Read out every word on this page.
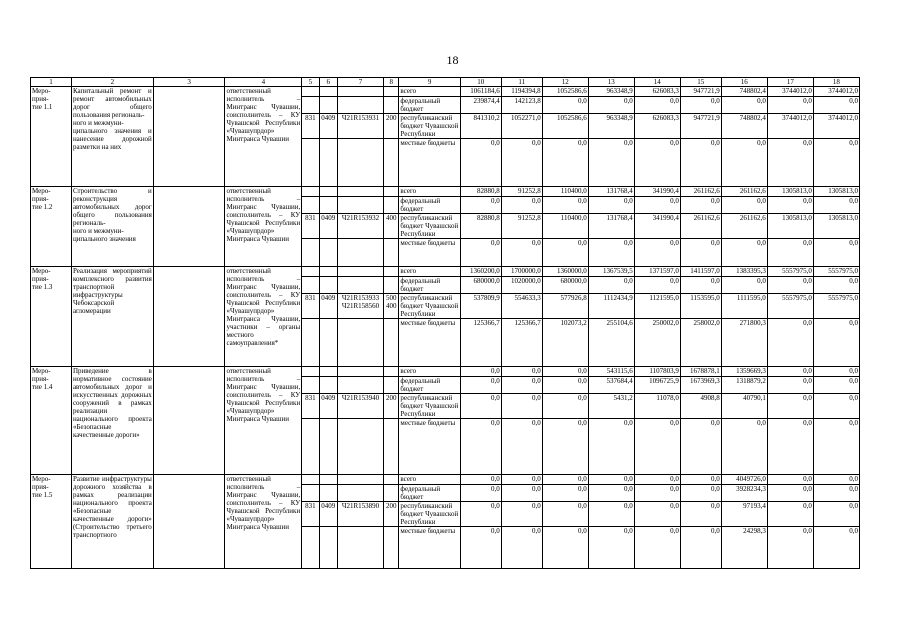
18
1	2	3	4	5	6	7	8	9	10	11	12	13	14	15	16	17	18
Меро-
прия-
тие 1.1	Капитальный ремонт и ремонт автомобильных дорог общего пользования региональ-
ного и межмуни-
ципального значения и нанесение дорожной разметки на них		ответственный исполнитель – Минтранс Чувашии, соисполнитель – КУ Чувашской Республики «Чувашупрдор» Минтранса Чувашии					всего	1061184,6	1194394,8	1052586,6	963348,9	626083,3	947721,9	748802,4	3744012,0	3744012,0
								федеральный бюджет	239874,4	142123,8	0,0	0,0	0,0	0,0	0,0	0,0	0,0
				831	0409	Ч21R153931	200	республиканский бюджет Чувашской Республики	841310,2	1052271,0	1052586,6	963348,9	626083,3	947721,9	748802,4	3744012,0	3744012,0
								местные бюджеты	0,0	0,0	0,0	0,0	0,0	0,0	0,0	0,0	0,0
Меро-
прия-
тие 1.2	Строительство и реконструкция автомобильных дорог общего пользования региональ-
ного и межмуни-
ципального значения		ответственный исполнитель – Минтранс Чувашии, соисполнитель – КУ Чувашской Республики «Чувашупрдор» Минтранса Чувашии					всего	82880,8	91252,8	110400,0	131768,4	341990,4	261162,6	261162,6	1305813,0	1305813,0
								федеральный бюджет	0,0	0,0	0,0	0,0	0,0	0,0	0,0	0,0	0,0
				831	0409	Ч21R153932	400	республиканский бюджет Чувашской Республики	82880,8	91252,8	110400,0	131768,4	341990,4	261162,6	261162,6	1305813,0	1305813,0
								местные бюджеты	0,0	0,0	0,0	0,0	0,0	0,0	0,0	0,0	0,0
Меро-
прия-
тие 1.3	Реализация мероприятий комплексного развития транспортной инфраструктуры Чебоксарской агломерации		ответственный исполнитель – Минтранс Чувашии, соисполнитель – КУ Чувашской Республики «Чувашупрдор» Минтранса Чувашии, участники – органы местного самоуправления*					всего	1360200,0	1700000,0	1360000,0	1367539,5	1371597,0	1411597,0	1383395,3	5557975,0	5557975,0
								федеральный бюджет	680000,0	1020000,0	680000,0	0,0	0,0	0,0	0,0	0,0	0,0
				831	0409	Ч21R153933
Ч21R158560	500
400	республиканский бюджет Чувашской Республики	537809,9	554633,3	577926,8	1112434,9	1121595,0	1153595,0	1111595,0	5557975,0	5557975,0
								местные бюджеты	125366,7	125366,7	102073,2	255104,6	250002,0	258002,0	271800,3	0,0	0,0
Меро-
прия-
тие 1.4	Приведение в нормативное состояние автомобильных дорог и искусственных дорожных сооружений в рамках реализации национального проекта «Безопасные качественные дороги»		ответственный исполнитель – Минтранс Чувашии, соисполнитель – КУ Чувашской Республики «Чувашупрдор» Минтранса Чувашии					всего	0,0	0,0	0,0	543115,6	1107803,9	1678878,1	1359669,3	0,0	0,0
								федеральный бюджет	0,0	0,0	0,0	537684,4	1096725,9	1673969,3	1318879,2	0,0	0,0
				831	0409	Ч21R153940	200	республиканский бюджет Чувашской Республики	0,0	0,0	0,0	5431,2	11078,0	4908,8	40790,1	0,0	0,0
								местные бюджеты	0,0	0,0	0,0	0,0	0,0	0,0	0,0	0,0	0,0
Меро-
прия-
тие 1.5	Развитие инфраструктуры дорожного хозяйства в рамках реализации национального проекта «Безопасные качественные дороги» (Строительство третьего транспортного		ответственный исполнитель – Минтранс Чувашии, соисполнитель – КУ Чувашской Республики «Чувашупрдор» Минтранса Чувашии					всего	0,0	0,0	0,0	0,0	0,0	0,0	4049726,0	0,0	0,0
								федеральный бюджет	0,0	0,0	0,0	0,0	0,0	0,0	3928234,3	0,0	0,0
				831	0409	Ч21R153890	200	республиканский бюджет Чувашской Республики	0,0	0,0	0,0	0,0	0,0	0,0	97193,4	0,0	0,0
								местные бюджеты	0,0	0,0	0,0	0,0	0,0	0,0	24298,3	0,0	0,0
